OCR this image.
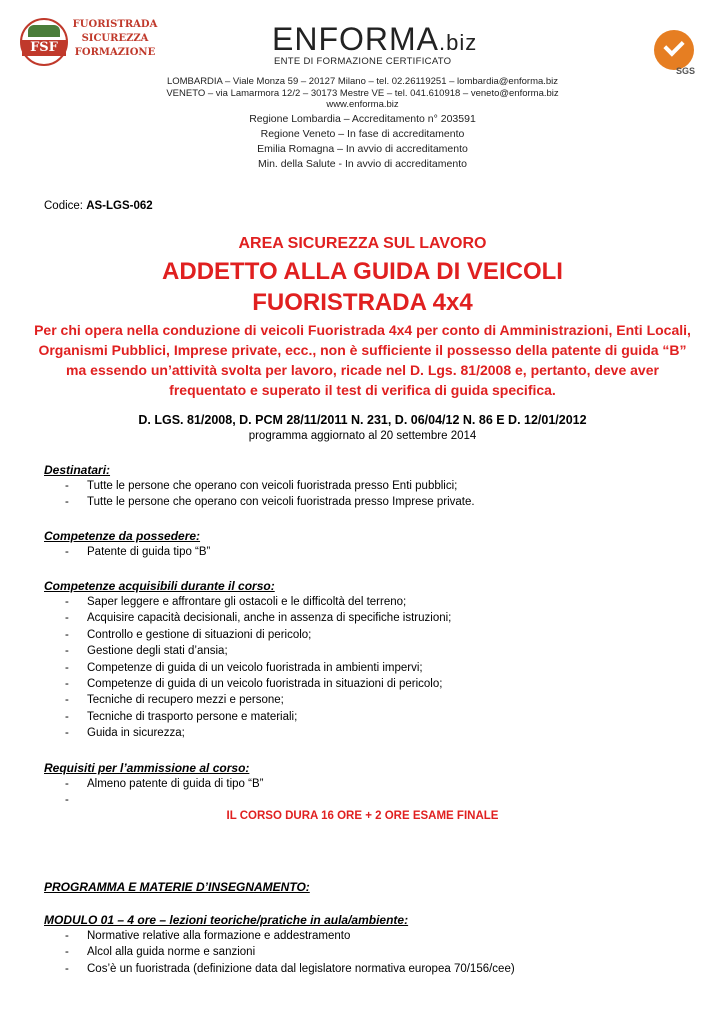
FSF
FUORISTRADA
SICUREZZA
FORMAZIONE	ENFORMA.biz
ENTE DI FORMAZIONE CERTIFICATO
SGS
LOMBARDIA – Viale Monza 59 – 20127 Milano – tel. 02.26119251 – lombardia@enforma.biz
VENETO – via Lamarmora 12/2 – 30173 Mestre VE – tel. 041.610918 – veneto@enforma.biz
www.enforma.biz
Regione Lombardia – Accreditamento n° 203591
Regione Veneto – In fase di accreditamento
Emilia Romagna – In avvio di accreditamento
Min. della Salute - In avvio di accreditamento
Codice: AS-LGS-062
AREA SICUREZZA SUL LAVORO
ADDETTO ALLA GUIDA DI VEICOLI
FUORISTRADA 4x4
Per chi opera nella conduzione di veicoli Fuoristrada 4x4 per conto di Amministrazioni, Enti Locali, Organismi Pubblici, Imprese private, ecc., non è sufficiente il possesso della patente di guida “B” ma essendo un’attività svolta per lavoro, ricade nel D. Lgs. 81/2008 e, pertanto, deve aver frequentato e superato il test di verifica di guida specifica.
D. LGS. 81/2008, D. PCM 28/11/2011 N. 231, D. 06/04/12 N. 86 E D. 12/01/2012
programma aggiornato al 20 settembre 2014
Destinatari:
- Tutte le persone che operano con veicoli fuoristrada presso Enti pubblici;
- Tutte le persone che operano con veicoli fuoristrada presso Imprese private.
Competenze da possedere:
- Patente di guida tipo “B”
Competenze acquisibili durante il corso:
- Saper leggere e affrontare gli ostacoli e le difficoltà del terreno;
- Acquisire capacità decisionali, anche in assenza di specifiche istruzioni;
- Controllo e gestione di situazioni di pericolo;
- Gestione degli stati d’ansia;
- Competenze di guida di un veicolo fuoristrada in ambienti impervi;
- Competenze di guida di un veicolo fuoristrada in situazioni di pericolo;
- Tecniche di recupero mezzi e persone;
- Tecniche di trasporto persone e materiali;
- Guida in sicurezza;
Requisiti per l’ammissione al corso:
- Almeno patente di guida di tipo “B”
-
IL CORSO DURA 16 ORE + 2 ORE ESAME FINALE
PROGRAMMA E MATERIE D’INSEGNAMENTO:
MODULO 01 – 4 ore – lezioni teoriche/pratiche in aula/ambiente:
- Normative relative alla formazione e addestramento
- Alcol alla guida norme e sanzioni
- Cos’è un fuoristrada (definizione data dal legislatore normativa europea 70/156/cee)
